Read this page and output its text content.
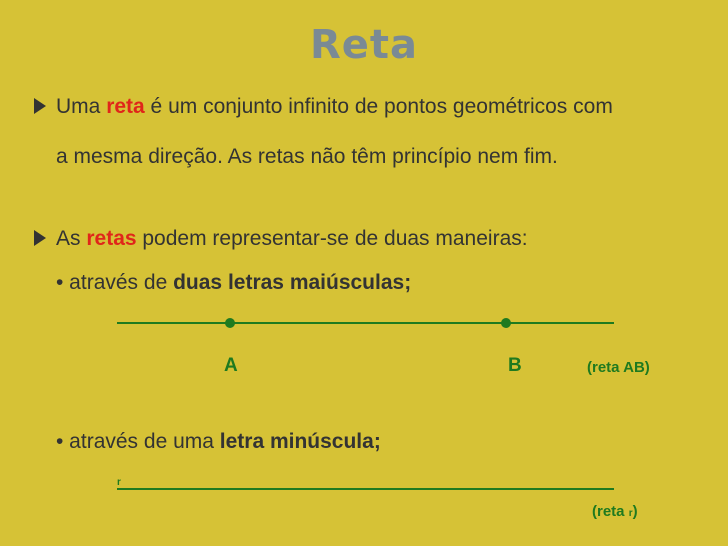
Reta
Uma reta é um conjunto infinito de pontos geométricos com
a mesma direção. As retas não têm princípio nem fim.
As retas podem representar-se de duas maneiras:
• através de duas letras maiúsculas;
A	B	(reta AB)
• através de uma letra minúscula;
r
(reta r)
